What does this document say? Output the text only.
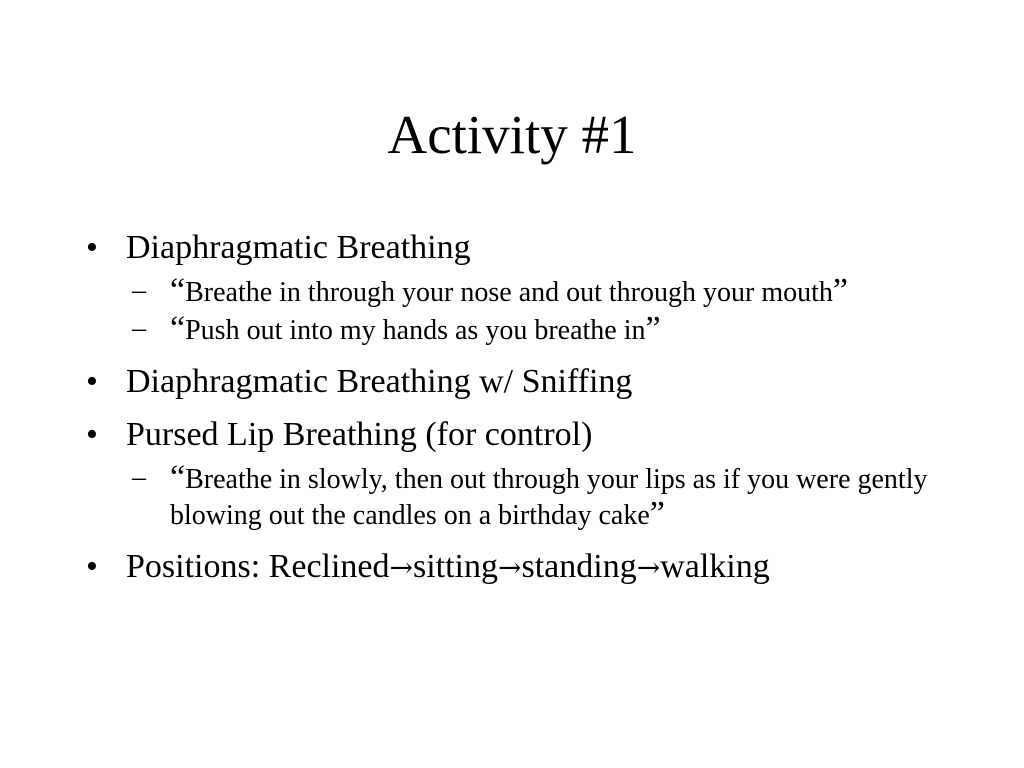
Activity #1
• Diaphragmatic Breathing
– “Breathe in through your nose and out through your mouth”
– “Push out into my hands as you breathe in”
• Diaphragmatic Breathing w/ Sniffing
• Pursed Lip Breathing (for control)
– “Breathe in slowly, then out through your lips as if you were gently blowing out the candles on a birthday cake”
• Positions: Reclined→sitting→standing→walking
